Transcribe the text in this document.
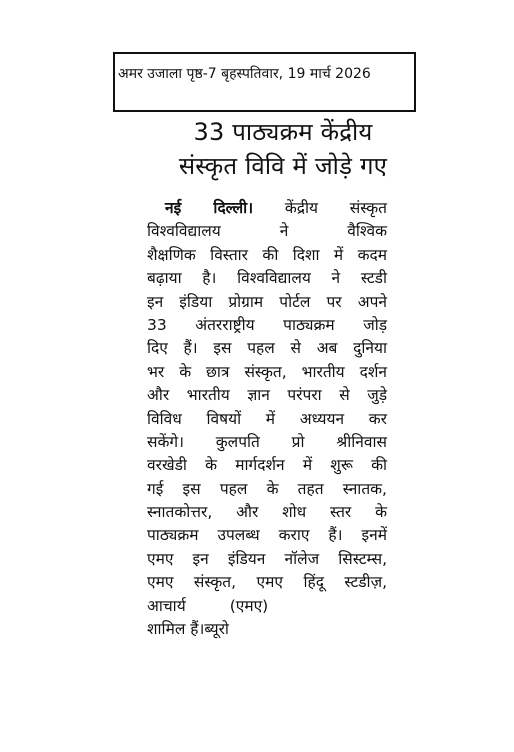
अमर उजाला पृष्ठ-7 बृहस्पतिवार, 19 मार्च 2026
33 पाठ्यक्रम केंद्रीय
संस्कृत विवि में जोड़े गए
नई दिल्ली। केंद्रीय संस्कृत
विश्वविद्यालय ने वैश्विक
शैक्षणिक विस्तार की दिशा में कदम
बढ़ाया है। विश्वविद्यालय ने स्टडी
इन इंडिया प्रोग्राम पोर्टल पर अपने
33 अंतरराष्ट्रीय पाठ्यक्रम जोड़
दिए हैं। इस पहल से अब दुनिया
भर के छात्र संस्कृत, भारतीय दर्शन
और भारतीय ज्ञान परंपरा से जुड़े
विविध विषयों में अध्ययन कर
सकेंगे। कुलपति प्रो श्रीनिवास
वरखेडी के मार्गदर्शन में शुरू की
गई इस पहल के तहत स्नातक,
स्नातकोत्तर, और शोध स्तर के
पाठ्यक्रम उपलब्ध कराए हैं। इनमें
एमए इन इंडियन नॉलेज सिस्टम्स,
एमए संस्कृत, एमए हिंदू स्टडीज़,
आचार्य	(एमए)
शामिल हैं।ब्यूरो
